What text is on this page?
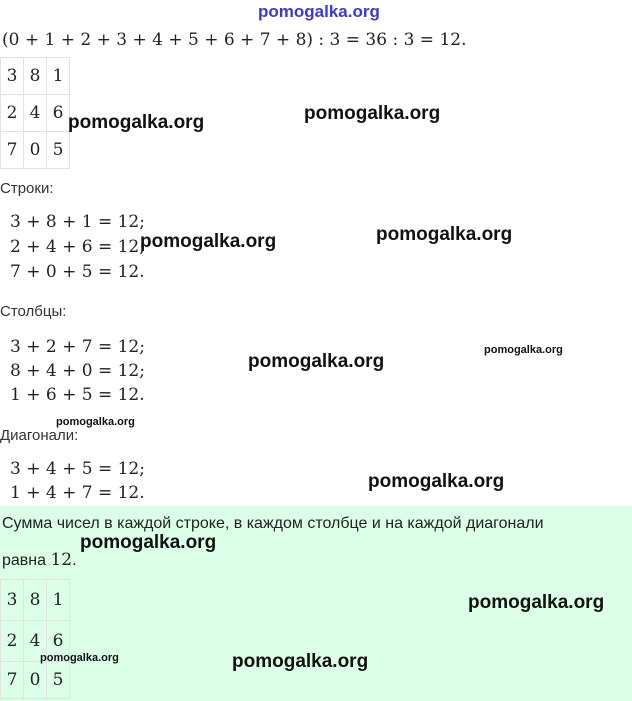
pomogalka.org
(0 + 1 + 2 + 3 + 4 + 5 + 6 + 7 + 8) : 3 = 36 : 3 = 12.
3	8	1
2	4	6
7	0	5
Строки:
3 + 8 + 1 = 12;
2 + 4 + 6 = 12;
7 + 0 + 5 = 12.
Столбцы:
3 + 2 + 7 = 12;
8 + 4 + 0 = 12;
1 + 6 + 5 = 12.
Диагонали:
3 + 4 + 5 = 12;
1 + 4 + 7 = 12.
Сумма чисел в каждой строке, в каждом столбце и на каждой диагонали
равна 12.
3	8	1
2	4	6
7	0	5
pomogalka.org	pomogalka.org
pomogalka.org	pomogalka.org
pomogalka.org
pomogalka.org
pomogalka.org
pomogalka.org
pomogalka.org
pomogalka.org
pomogalka.org	pomogalka.org
